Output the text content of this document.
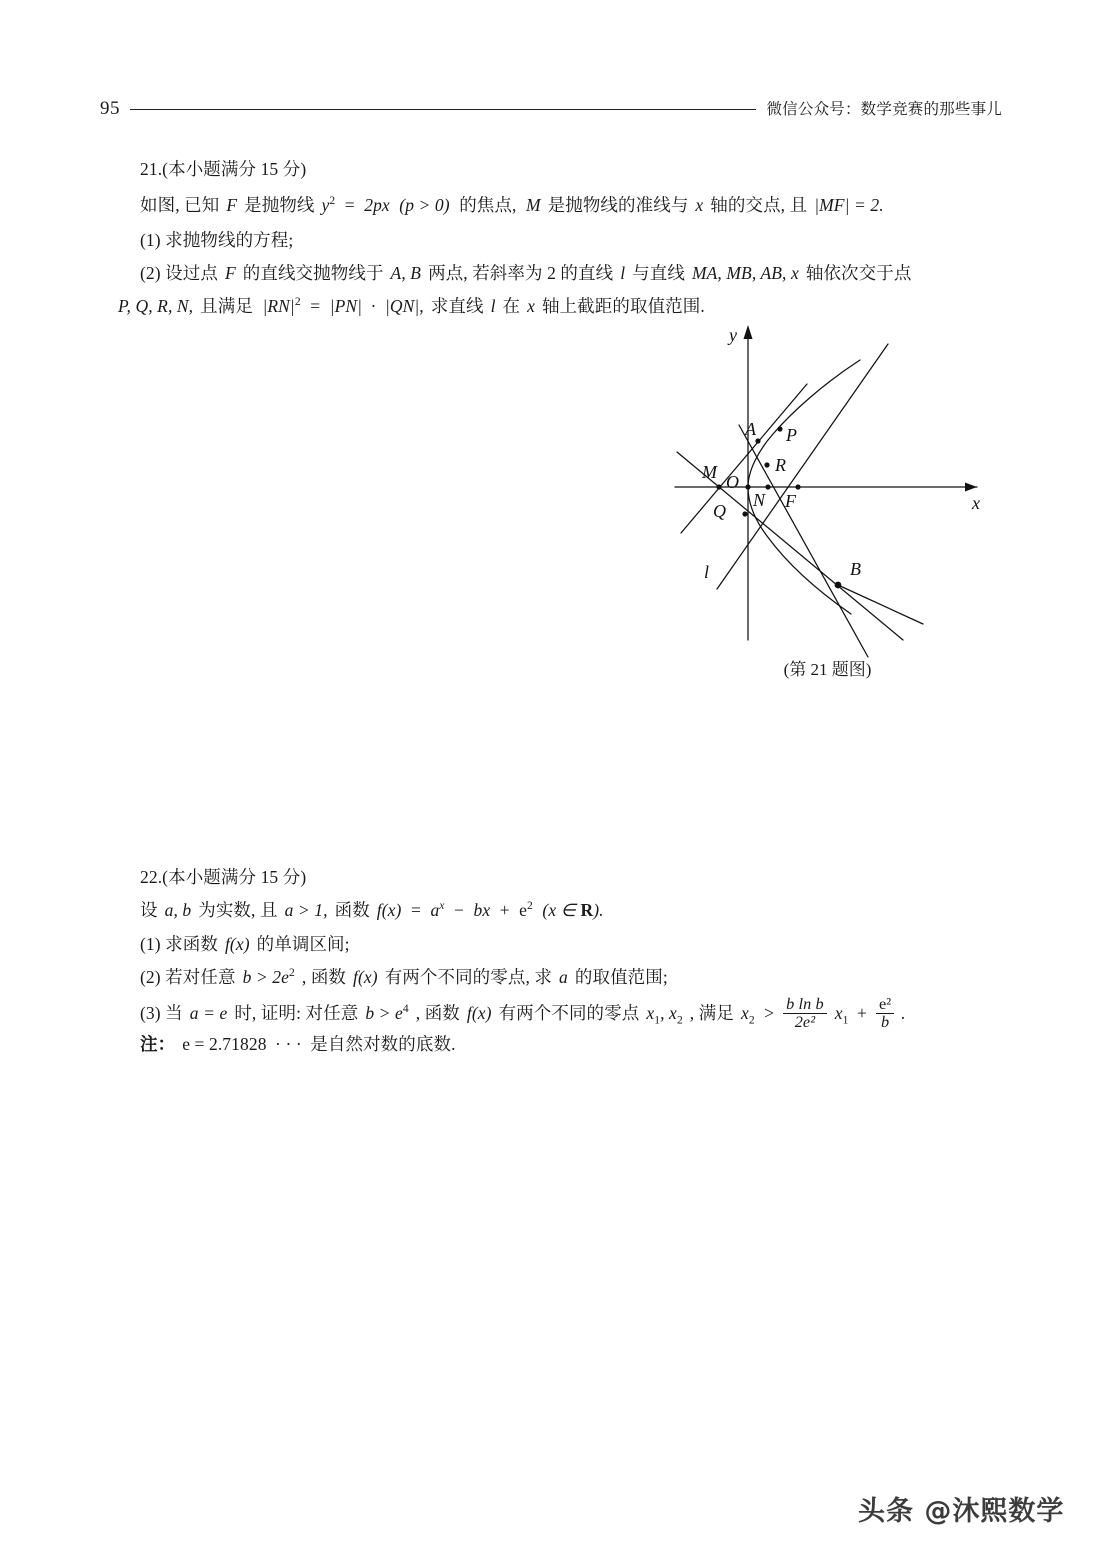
95	微信公众号：数学竞赛的那些事儿
21.(本小题满分 15 分)
如图, 已知 F 是抛物线 $y^2 = 2px$ (p > 0) 的焦点, M 是抛物线的准线与 x 轴的交点, 且 |MF| = 2.
(1) 求抛物线的方程;
(2) 设过点 F 的直线交抛物线于 A, B 两点, 若斜率为 2 的直线 l 与直线 MA, MB, AB, x 轴依次交于点
P, Q, R, N, 且满足 $|RN|^2 = |PN| \cdot |QN|$, 求直线 l 在 x 轴上截距的取值范围.
x
y
A P
R
M O
N F
Q
B
l
(第 21 题图)
22.(本小题满分 15 分)
设 a, b 为实数, 且 a > 1, 函数 $f(x) = a^x$ − bx + $e^2$ (x ∈ R).
(1) 求函数 f(x) 的单调区间;
(2) 若对任意 $b > 2e^2$ , 函数 f(x) 有两个不同的零点, 求 a 的取值范围;
(3) 当 a = e 时, 证明: 对任意 $b > e^4$ , 函数 f(x) 有两个不同的零点 $x_1$, $x_2$ , 满足 $x_2 > \frac{\text{b ln b}}{\text{2e²}} x_1 + \frac{\text{e²}}{b}$ .
注： e = 2.71828 · · · 是自然对数的底数.
头条 @沐熙数学
